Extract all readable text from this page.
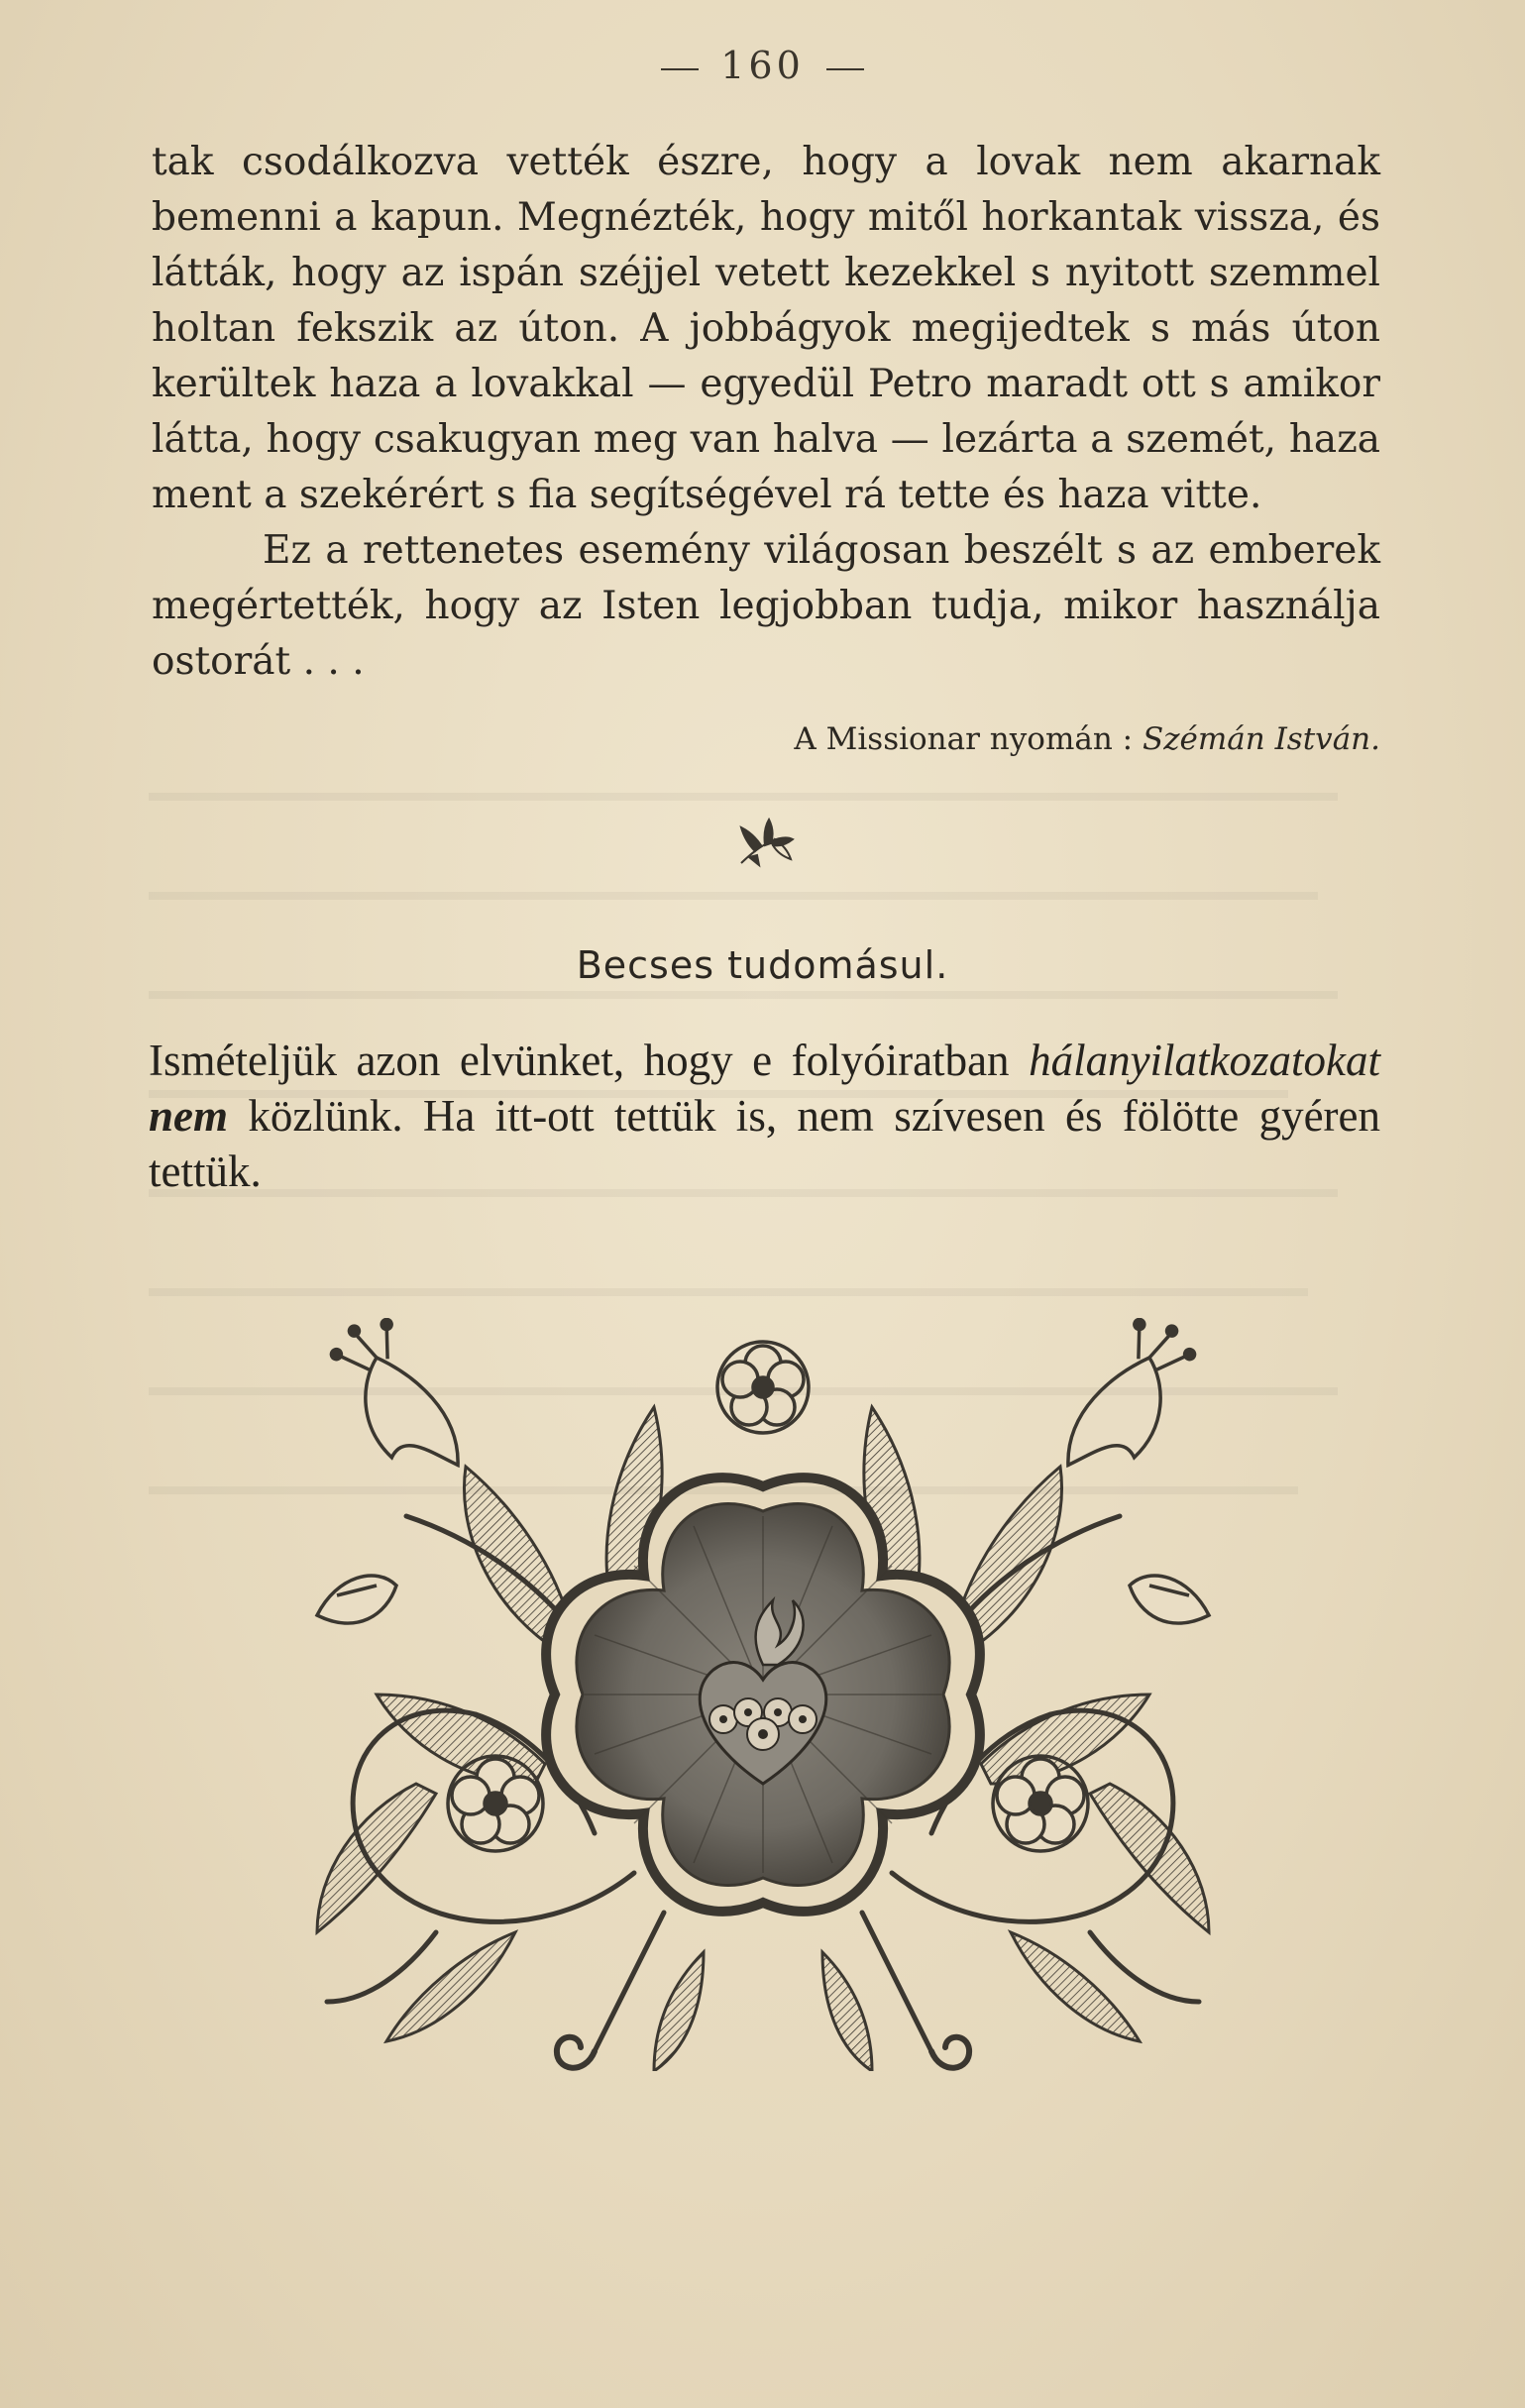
160

tak csodálkozva vették észre, hogy a lovak nem akarnak bemenni a kapun. Megnézték, hogy mitől horkantak vissza, és látták, hogy az ispán széjjel vetett kezekkel s nyitott szemmel holtan fekszik az úton. A jobbágyok megijedtek s más úton kerültek haza a lovakkal — egyedül Petro maradt ott s amikor látta, hogy csakugyan meg van halva — lezárta a szemét, haza ment a szekérért s fia segítségével rá tette és haza vitte.

Ez a rettenetes esemény világosan beszélt s az emberek megértették, hogy az Isten legjobban tudja, mikor használja ostorát . . .

A Missionar nyomán : Szémán István.
Becses tudomásul.
Ismételjük azon elvünket, hogy e folyóiratban hálanyilatkozatokat nem közlünk. Ha itt-ott tettük is, nem szívesen és fölötte gyéren tettük.
